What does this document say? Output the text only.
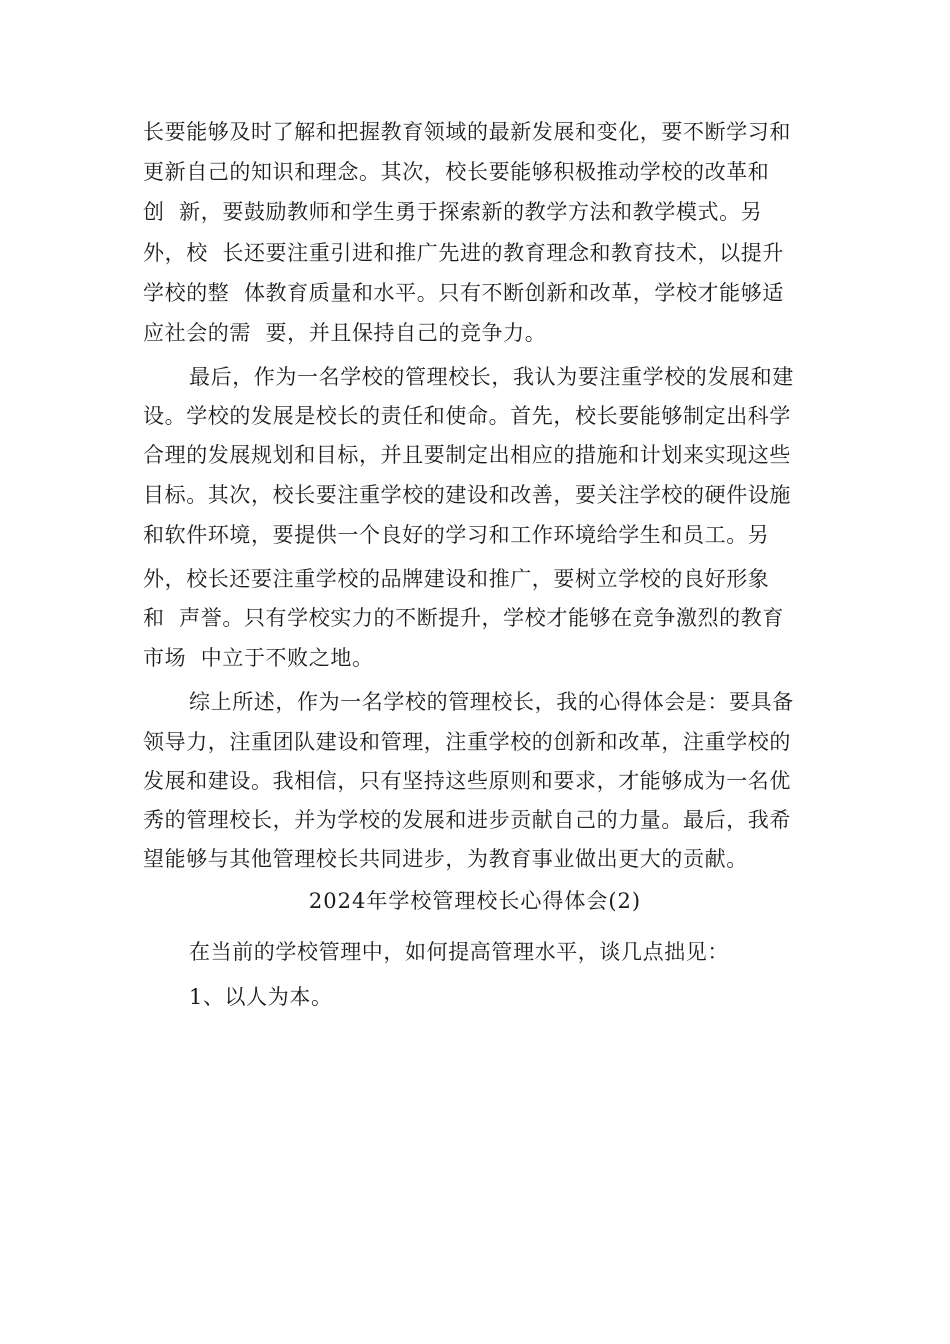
长要能够及时了解和把握教育领域的最新发展和变化，要不断学习和
更新自己的知识和理念。其次，校长要能够积极推动学校的改革和
创  新，要鼓励教师和学生勇于探索新的教学方法和教学模式。另
外，校  长还要注重引进和推广先进的教育理念和教育技术，以提升
学校的整  体教育质量和水平。只有不断创新和改革，学校才能够适
应社会的需  要，并且保持自己的竞争力。
最后，作为一名学校的管理校长，我认为要注重学校的发展和建
设。学校的发展是校长的责任和使命。首先，校长要能够制定出科学
合理的发展规划和目标，并且要制定出相应的措施和计划来实现这些
目标。其次，校长要注重学校的建设和改善，要关注学校的硬件设施
和软件环境，要提供一个良好的学习和工作环境给学生和员工。另
外，校长还要注重学校的品牌建设和推广，要树立学校的良好形象
和  声誉。只有学校实力的不断提升，学校才能够在竞争激烈的教育
市场  中立于不败之地。
综上所述，作为一名学校的管理校长，我的心得体会是：要具备
领导力，注重团队建设和管理，注重学校的创新和改革，注重学校的
发展和建设。我相信，只有坚持这些原则和要求，才能够成为一名优
秀的管理校长，并为学校的发展和进步贡献自己的力量。最后，我希
望能够与其他管理校长共同进步，为教育事业做出更大的贡献。
2024年学校管理校长心得体会(2)
在当前的学校管理中，如何提高管理水平，谈几点拙见：
1、以人为本。
